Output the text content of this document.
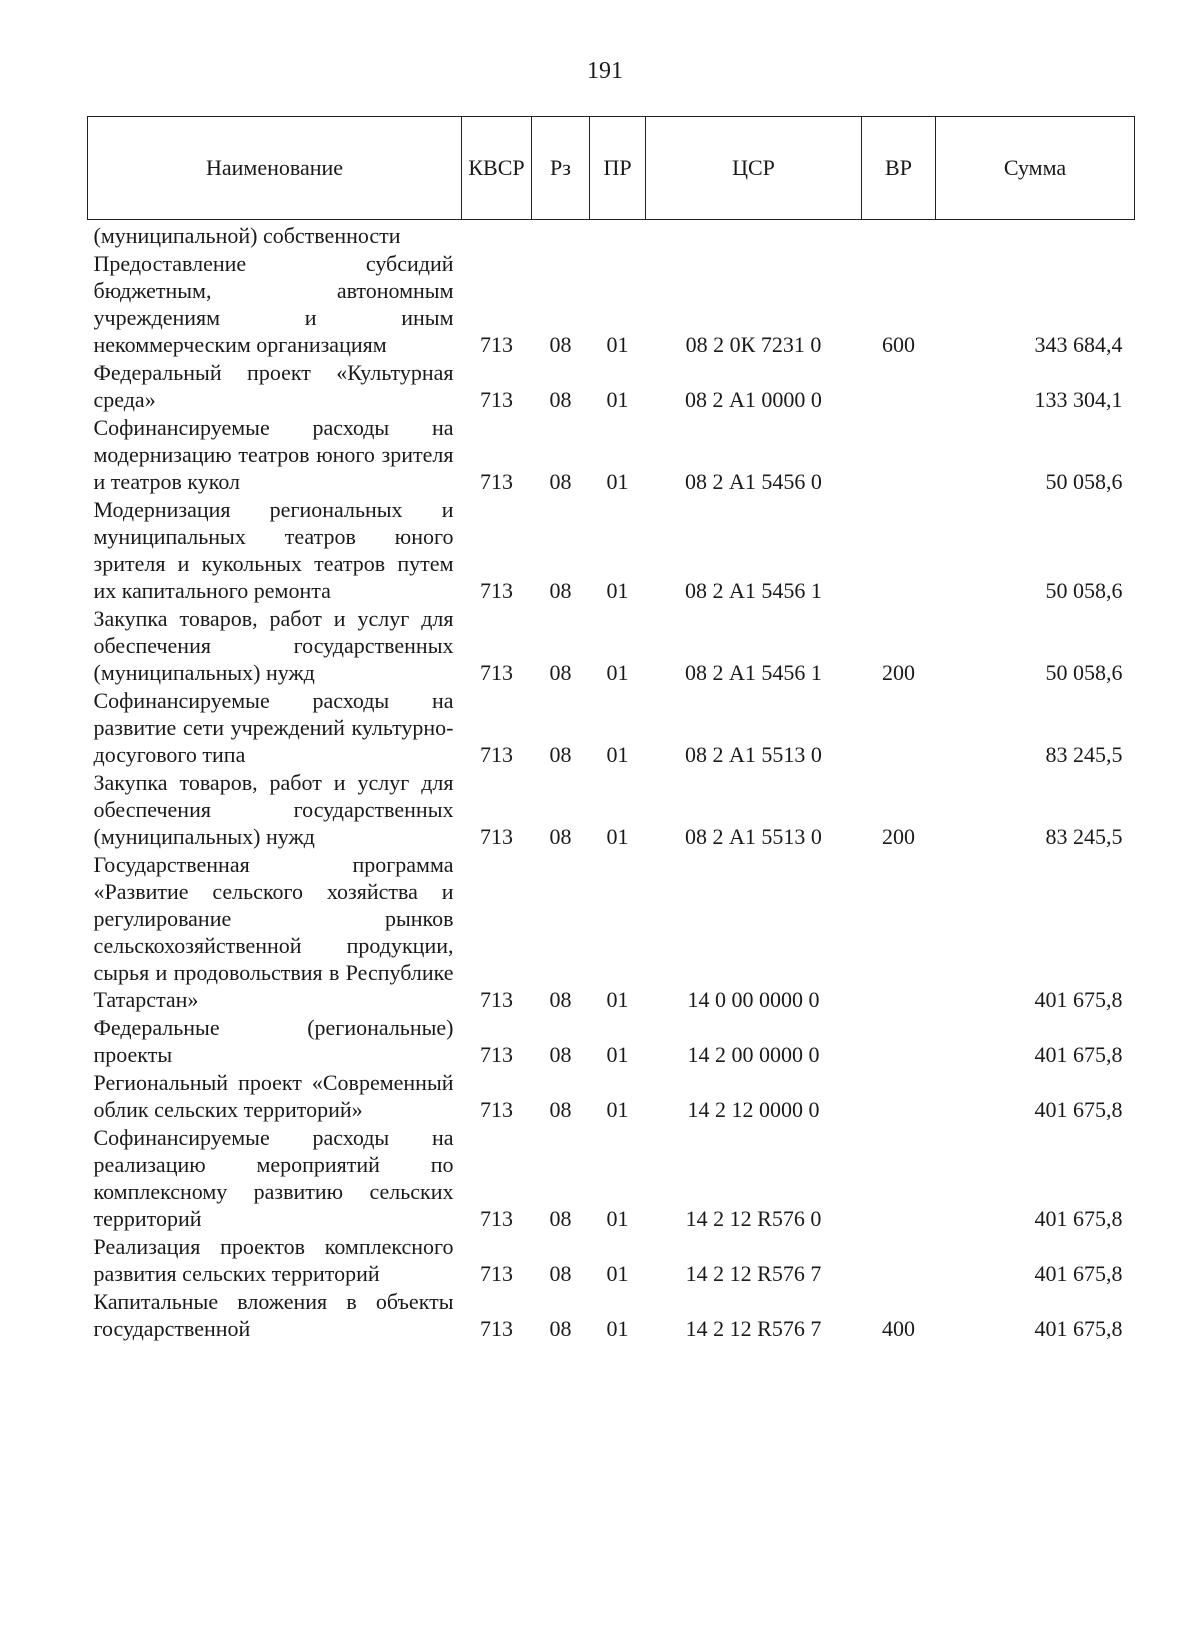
191
Наименование	КВСР	Рз	ПР	ЦСР	ВР	Сумма
(муниципальной) собственности						
Предоставление субсидий бюджетным, автономным учреждениям и иным некоммерческим организациям	713	08	01	08 2 0К 7231 0	600	343 684,4
Федеральный проект «Культурная среда»	713	08	01	08 2 А1 0000 0		133 304,1
Софинансируемые расходы на модернизацию театров юного зрителя и театров кукол	713	08	01	08 2 А1 5456 0		50 058,6
Модернизация региональных и муниципальных театров юного зрителя и кукольных театров путем их капитального ремонта	713	08	01	08 2 А1 5456 1		50 058,6
Закупка товаров, работ и услуг для обеспечения государственных (муниципальных) нужд	713	08	01	08 2 А1 5456 1	200	50 058,6
Софинансируемые расходы на развитие сети учреждений культурно-досугового типа	713	08	01	08 2 А1 5513 0		83 245,5
Закупка товаров, работ и услуг для обеспечения государственных (муниципальных) нужд	713	08	01	08 2 А1 5513 0	200	83 245,5
Государственная программа «Развитие сельского хозяйства и регулирование рынков сельскохозяйственной продукции, сырья и продовольствия в Республике Татарстан»	713	08	01	14 0 00 0000 0		401 675,8
Федеральные (региональные) проекты	713	08	01	14 2 00 0000 0		401 675,8
Региональный проект «Современный облик сельских территорий»	713	08	01	14 2 12 0000 0		401 675,8
Софинансируемые расходы на реализацию мероприятий по комплексному развитию сельских территорий	713	08	01	14 2 12 R576 0		401 675,8
Реализация проектов комплексного развития сельских территорий	713	08	01	14 2 12 R576 7		401 675,8
Капитальные вложения в объекты государственной	713	08	01	14 2 12 R576 7	400	401 675,8
